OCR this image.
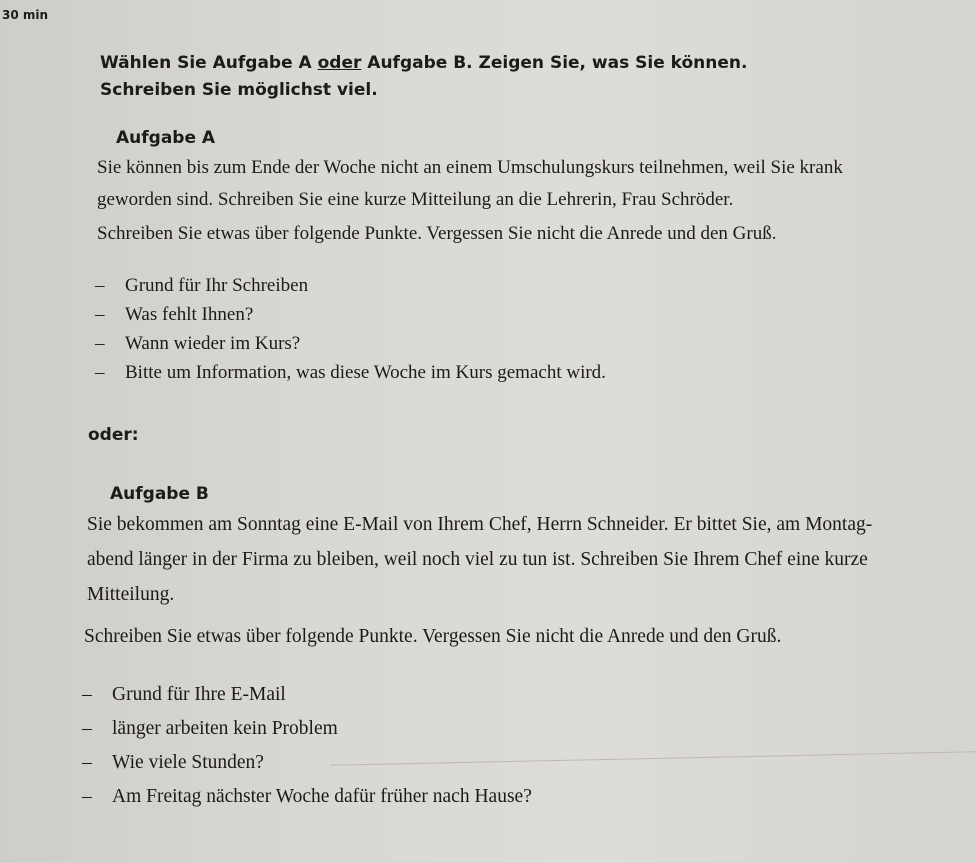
30 min
Wählen Sie Aufgabe A oder Aufgabe B. Zeigen Sie, was Sie können.
Schreiben Sie möglichst viel.
Aufgabe A
Sie können bis zum Ende der Woche nicht an einem Umschulungskurs teilnehmen, weil Sie krank
geworden sind. Schreiben Sie eine kurze Mitteilung an die Lehrerin, Frau Schröder.
Schreiben Sie etwas über folgende Punkte. Vergessen Sie nicht die Anrede und den Gruß.
– Grund für Ihr Schreiben
– Was fehlt Ihnen?
– Wann wieder im Kurs?
– Bitte um Information, was diese Woche im Kurs gemacht wird.
oder:
Aufgabe B
Sie bekommen am Sonntag eine E-Mail von Ihrem Chef, Herrn Schneider. Er bittet Sie, am Montag-
abend länger in der Firma zu bleiben, weil noch viel zu tun ist. Schreiben Sie Ihrem Chef eine kurze
Mitteilung.
Schreiben Sie etwas über folgende Punkte. Vergessen Sie nicht die Anrede und den Gruß.
– Grund für Ihre E-Mail
– länger arbeiten kein Problem
– Wie viele Stunden?
– Am Freitag nächster Woche dafür früher nach Hause?
